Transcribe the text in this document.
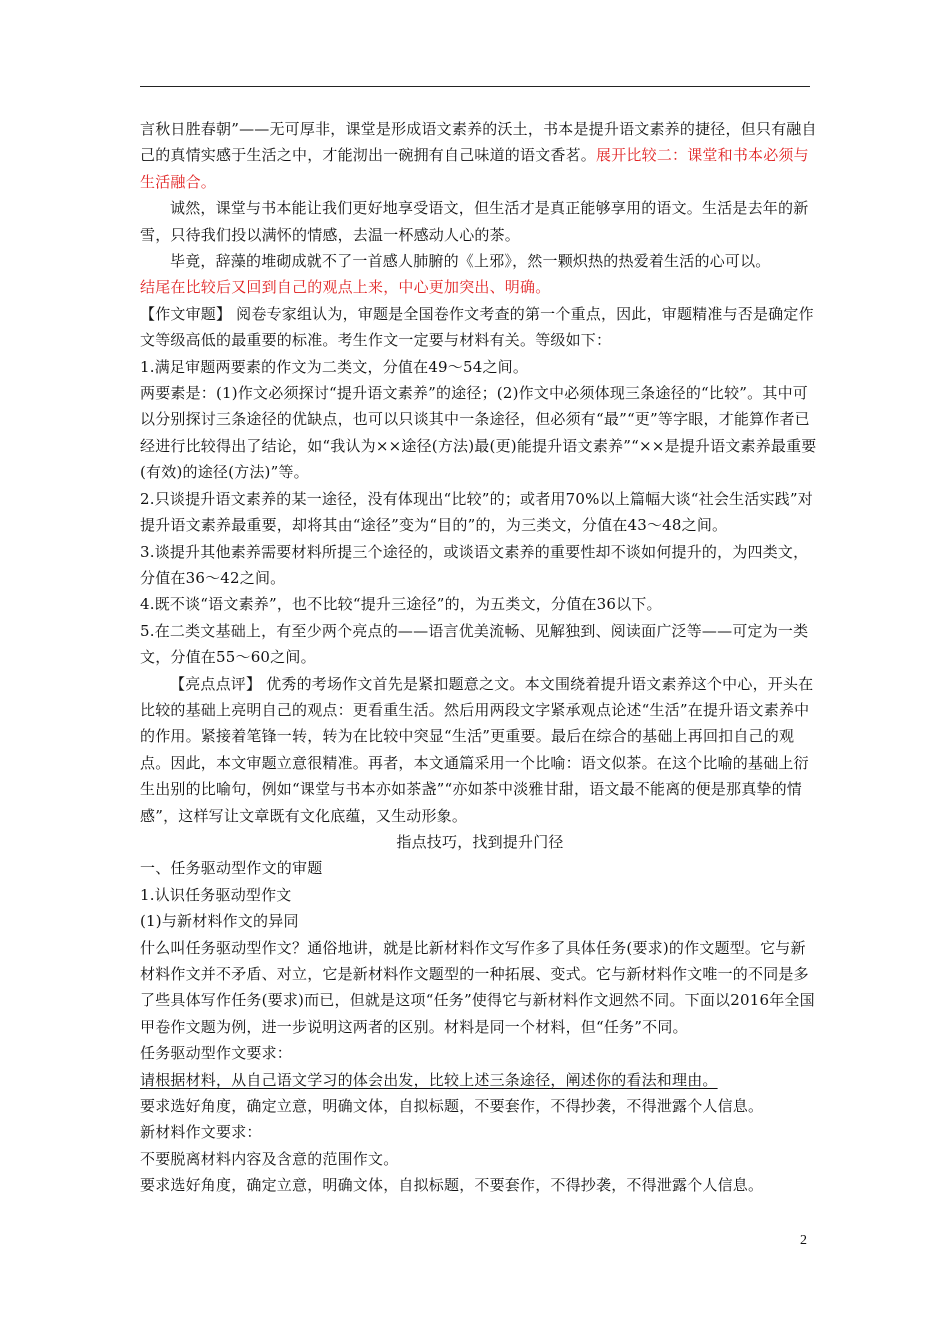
言秋日胜春朝”——无可厚非，课堂是形成语文素养的沃土，书本是提升语文素养的捷径，但只有融自己的真情实感于生活之中，才能沏出一碗拥有自己味道的语文香茗。展开比较二：课堂和书本必须与生活融合。

诚然，课堂与书本能让我们更好地享受语文，但生活才是真正能够享用的语文。生活是去年的新雪，只待我们投以满怀的情感，去温一杯感动人心的茶。

毕竟，辞藻的堆砌成就不了一首感人肺腑的《上邪》，然一颗炽热的热爱着生活的心可以。

结尾在比较后又回到自己的观点上来，中心更加突出、明确。

【作文审题】 阅卷专家组认为，审题是全国卷作文考查的第一个重点，因此，审题精准与否是确定作文等级高低的最重要的标准。考生作文一定要与材料有关。等级如下：

1.满足审题两要素的作文为二类文，分值在49～54之间。

两要素是：(1)作文必须探讨“提升语文素养”的途径；(2)作文中必须体现三条途径的“比较”。其中可以分别探讨三条途径的优缺点，也可以只谈其中一条途径，但必须有“最”“更”等字眼，才能算作者已经进行比较得出了结论，如“我认为××途径(方法)最(更)能提升语文素养”“××是提升语文素养最重要(有效)的途径(方法)”等。

2.只谈提升语文素养的某一途径，没有体现出“比较”的；或者用70%以上篇幅大谈“社会生活实践”对提升语文素养最重要，却将其由“途径”变为“目的”的，为三类文，分值在43～48之间。

3.谈提升其他素养需要材料所提三个途径的，或谈语文素养的重要性却不谈如何提升的，为四类文，分值在36～42之间。

4.既不谈“语文素养”，也不比较“提升三途径”的，为五类文，分值在36以下。

5.在二类文基础上，有至少两个亮点的——语言优美流畅、见解独到、阅读面广泛等——可定为一类文，分值在55～60之间。

【亮点点评】 优秀的考场作文首先是紧扣题意之文。本文围绕着提升语文素养这个中心，开头在比较的基础上亮明自己的观点：更看重生活。然后用两段文字紧承观点论述“生活”在提升语文素养中的作用。紧接着笔锋一转，转为在比较中突显“生活”更重要。最后在综合的基础上再回扣自己的观点。因此，本文审题立意很精准。再者，本文通篇采用一个比喻：语文似茶。在这个比喻的基础上衍生出别的比喻句，例如“课堂与书本亦如茶盏”“亦如茶中淡雅甘甜，语文最不能离的便是那真挚的情感”，这样写让文章既有文化底蕴，又生动形象。

指点技巧，找到提升门径

一、任务驱动型作文的审题

1.认识任务驱动型作文

(1)与新材料作文的异同

什么叫任务驱动型作文？通俗地讲，就是比新材料作文写作多了具体任务(要求)的作文题型。它与新材料作文并不矛盾、对立，它是新材料作文题型的一种拓展、变式。它与新材料作文唯一的不同是多了些具体写作任务(要求)而已，但就是这项“任务”使得它与新材料作文迥然不同。下面以2016年全国甲卷作文题为例，进一步说明这两者的区别。材料是同一个材料，但“任务”不同。

任务驱动型作文要求：

请根据材料，从自己语文学习的体会出发，比较上述三条途径，阐述你的看法和理由。

要求选好角度，确定立意，明确文体，自拟标题，不要套作，不得抄袭，不得泄露个人信息。

新材料作文要求：

不要脱离材料内容及含意的范围作文。

要求选好角度，确定立意，明确文体，自拟标题，不要套作，不得抄袭，不得泄露个人信息。

2
